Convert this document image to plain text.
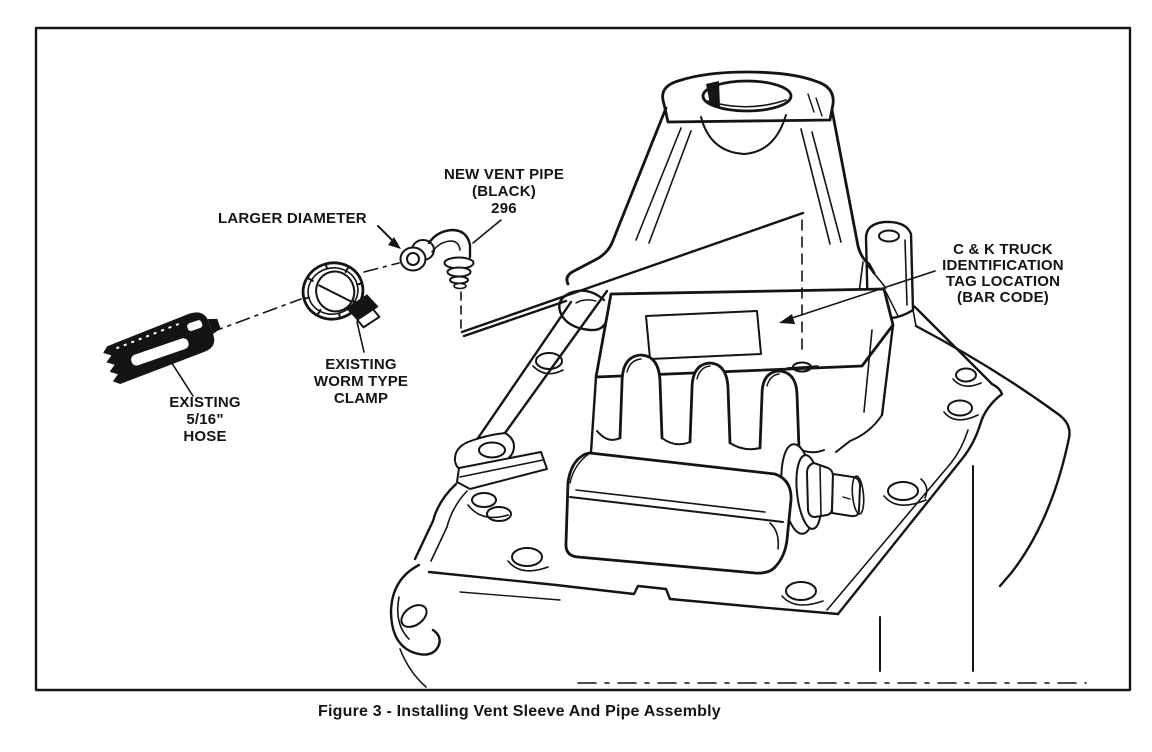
NEW VENT PIPE
(BLACK)
296
LARGER DIAMETER
EXISTING
WORM TYPE
CLAMP
EXISTING
5/16"
HOSE
C & K TRUCK
IDENTIFICATION
TAG LOCATION
(BAR CODE)
Figure 3 - Installing Vent Sleeve And Pipe Assembly
